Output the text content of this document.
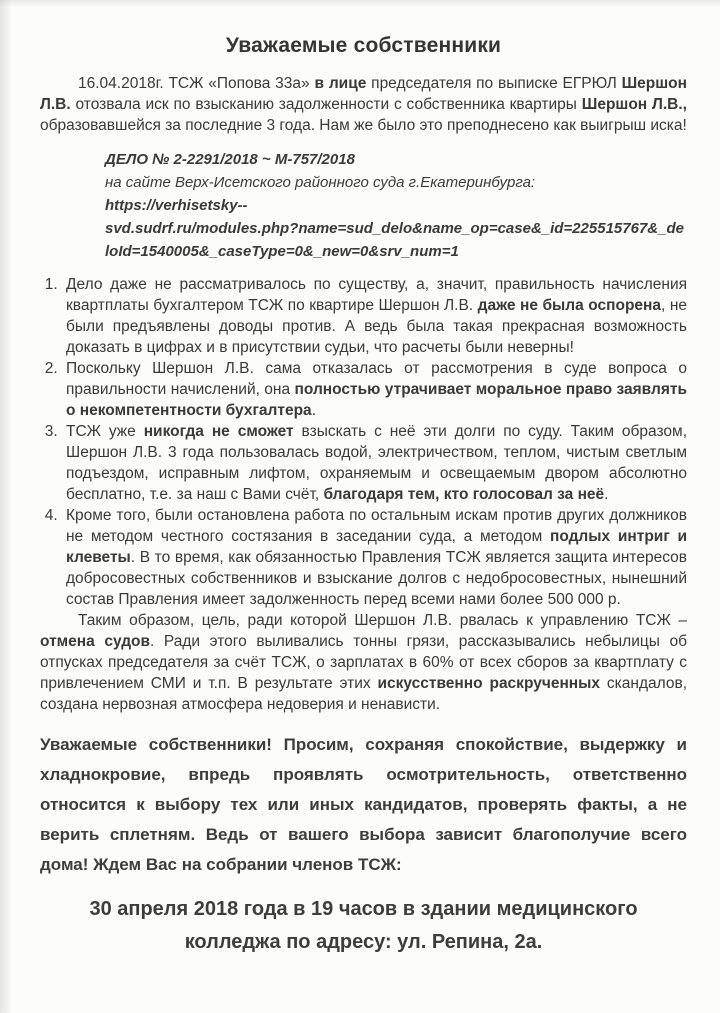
Уважаемые собственники

16.04.2018г. ТСЖ «Попова 33а» в лице председателя по выписке ЕГРЮЛ Шершон Л.В. отозвала иск по взысканию задолженности с собственника квартиры Шершон Л.В., образовавшейся за последние 3 года. Нам же было это преподнесено как выигрыш иска!

ДЕЛО № 2-2291/2018 ~ М-757/2018
на сайте Верх-Исетского районного суда г.Екатеринбурга:
https://verhisetsky--
svd.sudrf.ru/modules.php?name=sud_delo&name_op=case&_id=225515767&_deloId=1540005&_caseType=0&_new=0&srv_num=1
1. Дело даже не рассматривалось по существу, а, значит, правильность начисления квартплаты бухгалтером ТСЖ по квартире Шершон Л.В. даже не была оспорена, не были предъявлены доводы против. А ведь была такая прекрасная возможность доказать в цифрах и в присутствии судьи, что расчеты были неверны!
2. Поскольку Шершон Л.В. сама отказалась от рассмотрения в суде вопроса о правильности начислений, она полностью утрачивает моральное право заявлять о некомпетентности бухгалтера.
3. ТСЖ уже никогда не сможет взыскать с неё эти долги по суду. Таким образом, Шершон Л.В. 3 года пользовалась водой, электричеством, теплом, чистым светлым подъездом, исправным лифтом, охраняемым и освещаемым двором абсолютно бесплатно, т.е. за наш с Вами счёт, благодаря тем, кто голосовал за неё.
4. Кроме того, были остановлена работа по остальным искам против других должников не методом честного состязания в заседании суда, а методом подлых интриг и клеветы. В то время, как обязанностью Правления ТСЖ является защита интересов добросовестных собственников и взыскание долгов с недобросовестных, нынешний состав Правления имеет задолженность перед всеми нами более 500 000 р.

Таким образом, цель, ради которой Шершон Л.В. рвалась к управлению ТСЖ – отмена судов. Ради этого выливались тонны грязи, рассказывались небылицы об отпусках председателя за счёт ТСЖ, о зарплатах в 60% от всех сборов за квартплату с привлечением СМИ и т.п. В результате этих искусственно раскрученных скандалов, создана нервозная атмосфера недоверия и ненависти.

Уважаемые собственники! Просим, сохраняя спокойствие, выдержку и хладнокровие, впредь проявлять осмотрительность, ответственно относится к выбору тех или иных кандидатов, проверять факты, а не верить сплетням. Ведь от вашего выбора зависит благополучие всего дома! Ждем Вас на собрании членов ТСЖ:

30 апреля 2018 года в 19 часов в здании медицинского колледжа по адресу: ул. Репина, 2а.
